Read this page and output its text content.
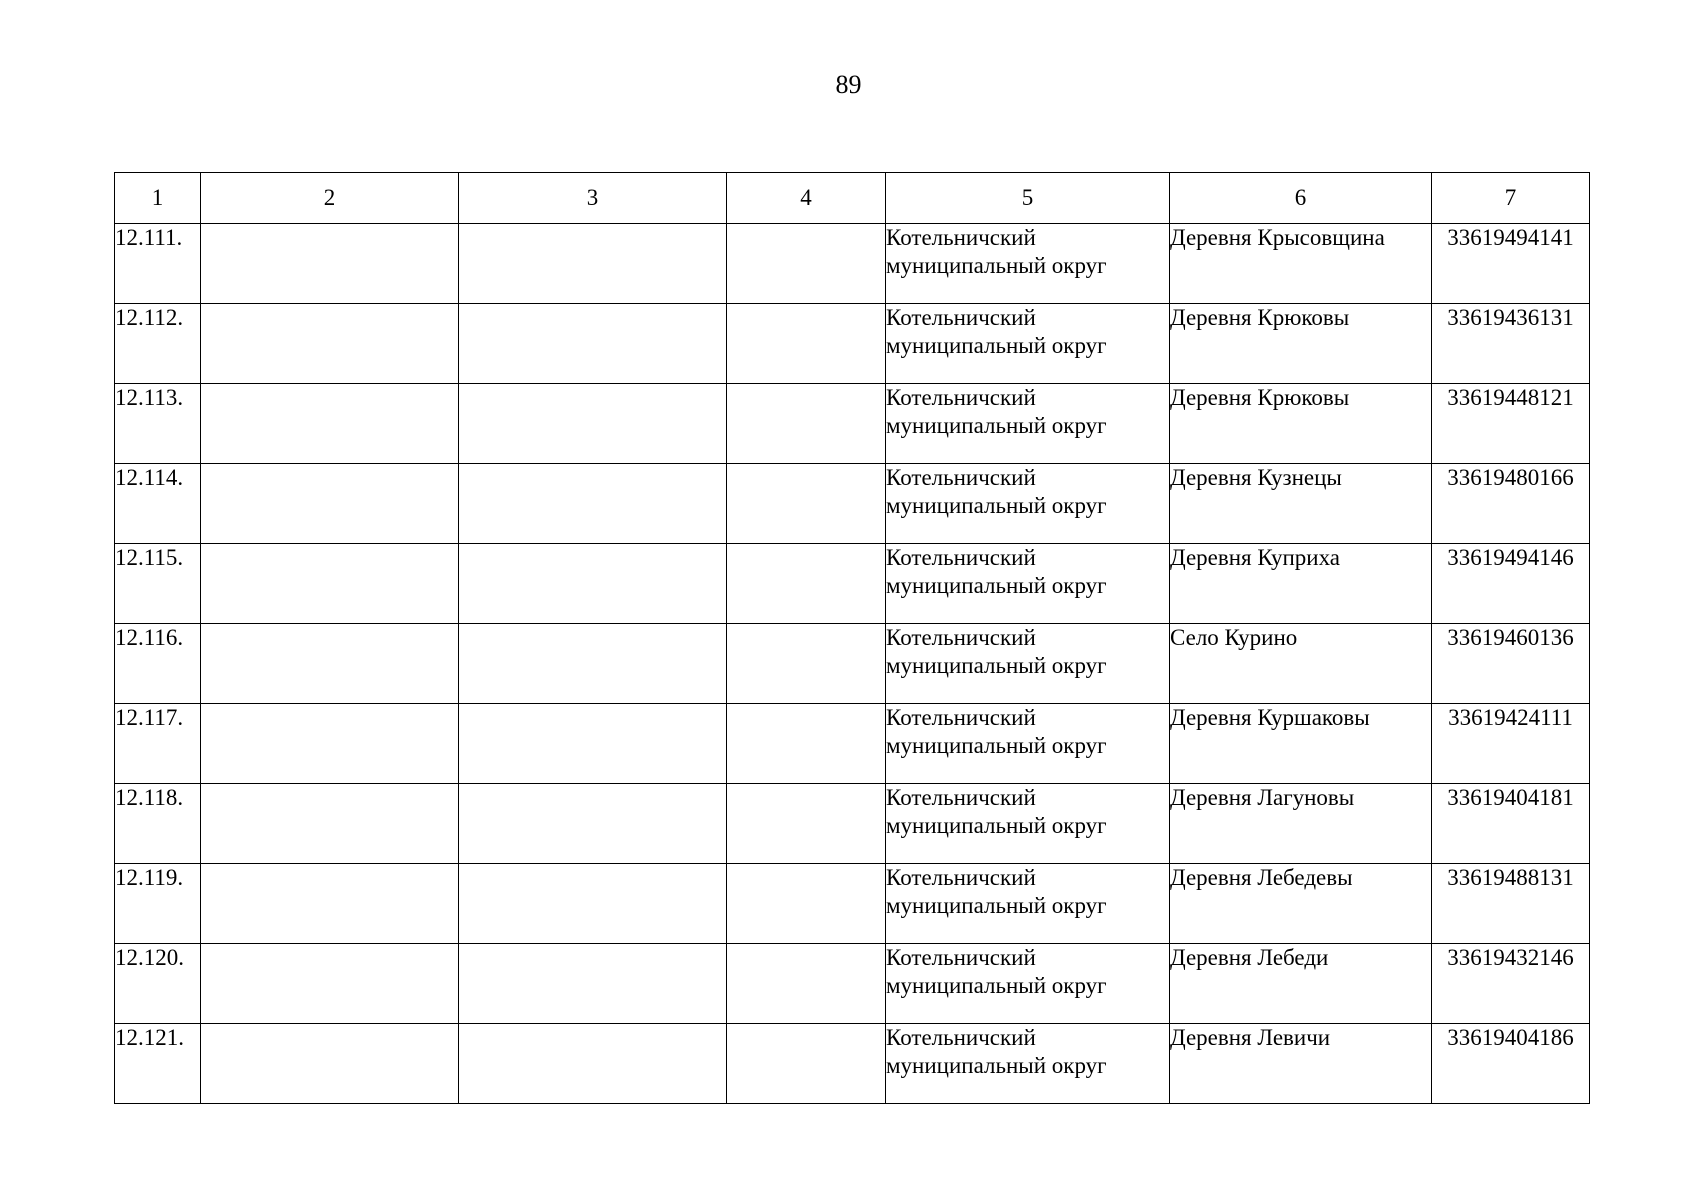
89
1	2	3	4	5	6	7
12.111.				Котельничский
муниципальный округ	Деревня Крысовщина	33619494141
12.112.				Котельничский
муниципальный округ	Деревня Крюковы	33619436131
12.113.				Котельничский
муниципальный округ	Деревня Крюковы	33619448121
12.114.				Котельничский
муниципальный округ	Деревня Кузнецы	33619480166
12.115.				Котельничский
муниципальный округ	Деревня Куприха	33619494146
12.116.				Котельничский
муниципальный округ	Село Курино	33619460136
12.117.				Котельничский
муниципальный округ	Деревня Куршаковы	33619424111
12.118.				Котельничский
муниципальный округ	Деревня Лагуновы	33619404181
12.119.				Котельничский
муниципальный округ	Деревня Лебедевы	33619488131
12.120.				Котельничский
муниципальный округ	Деревня Лебеди	33619432146
12.121.				Котельничский
муниципальный округ	Деревня Левичи	33619404186
